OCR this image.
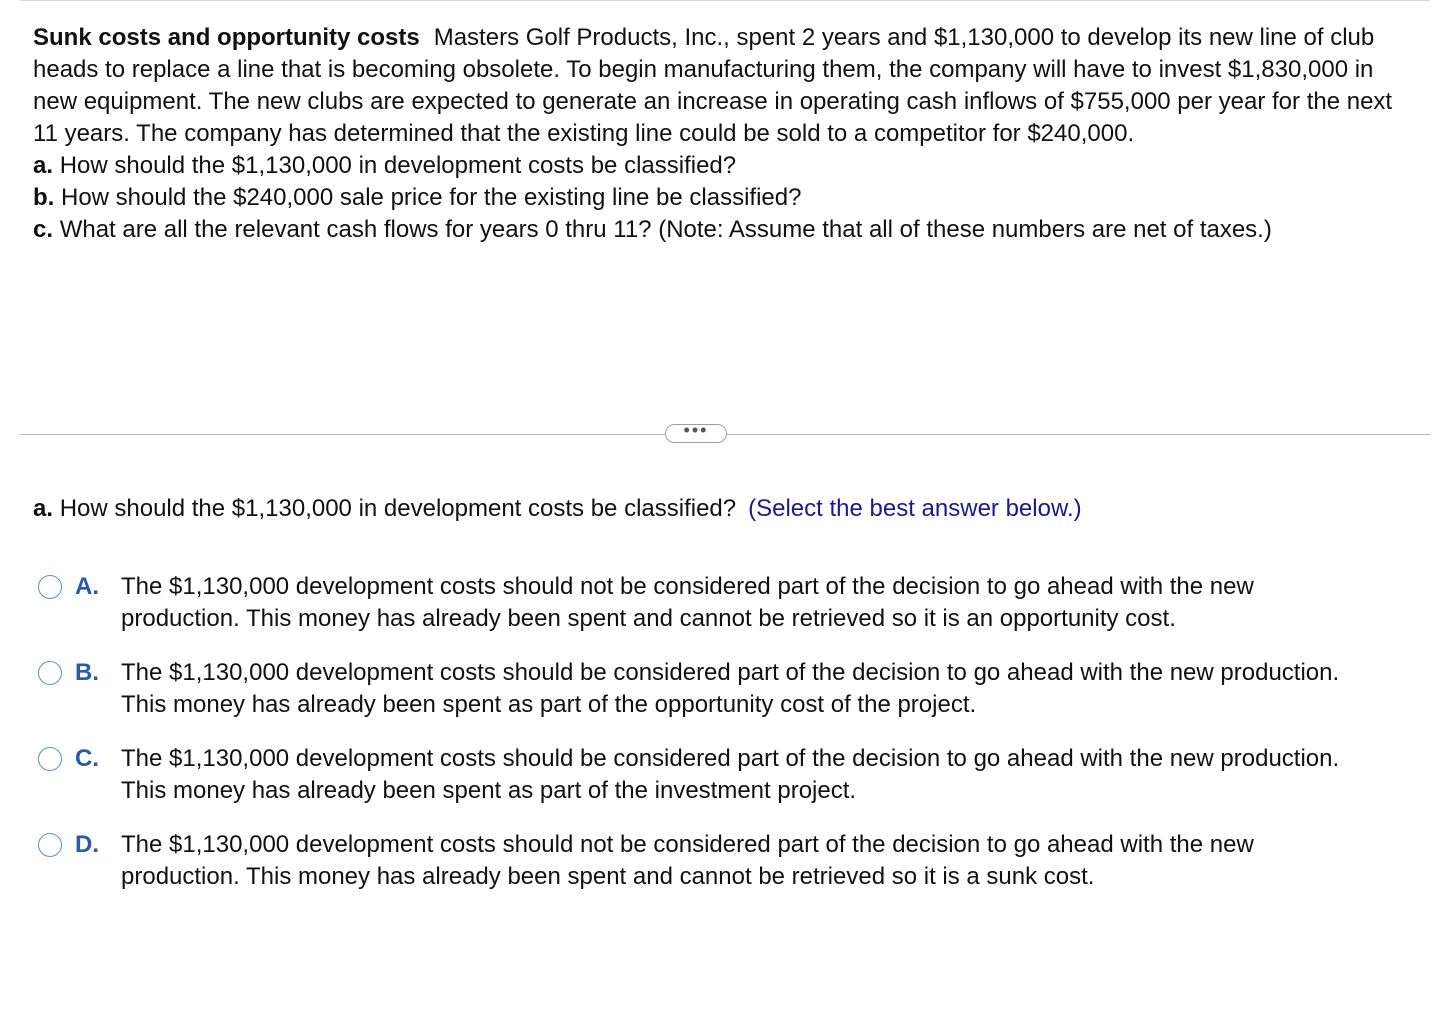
Sunk costs and opportunity costs Masters Golf Products, Inc., spent 2 years and $1,130,000 to develop its new line of club heads to replace a line that is becoming obsolete. To begin manufacturing them, the company will have to invest $1,830,000 in new equipment. The new clubs are expected to generate an increase in operating cash inflows of $755,000 per year for the next 11 years. The company has determined that the existing line could be sold to a competitor for $240,000.

a. How should the $1,130,000 in development costs be classified?

b. How should the $240,000 sale price for the existing line be classified?

c. What are all the relevant cash flows for years 0 thru 11? (Note: Assume that all of these numbers are net of taxes.)

•••
a. How should the $1,130,000 in development costs be classified? (Select the best answer below.)
A. The $1,130,000 development costs should not be considered part of the decision to go ahead with the new production. This money has already been spent and cannot be retrieved so it is an opportunity cost.
B. The $1,130,000 development costs should be considered part of the decision to go ahead with the new production. This money has already been spent as part of the opportunity cost of the project.
C. The $1,130,000 development costs should be considered part of the decision to go ahead with the new production. This money has already been spent as part of the investment project.
D. The $1,130,000 development costs should not be considered part of the decision to go ahead with the new production. This money has already been spent and cannot be retrieved so it is a sunk cost.
